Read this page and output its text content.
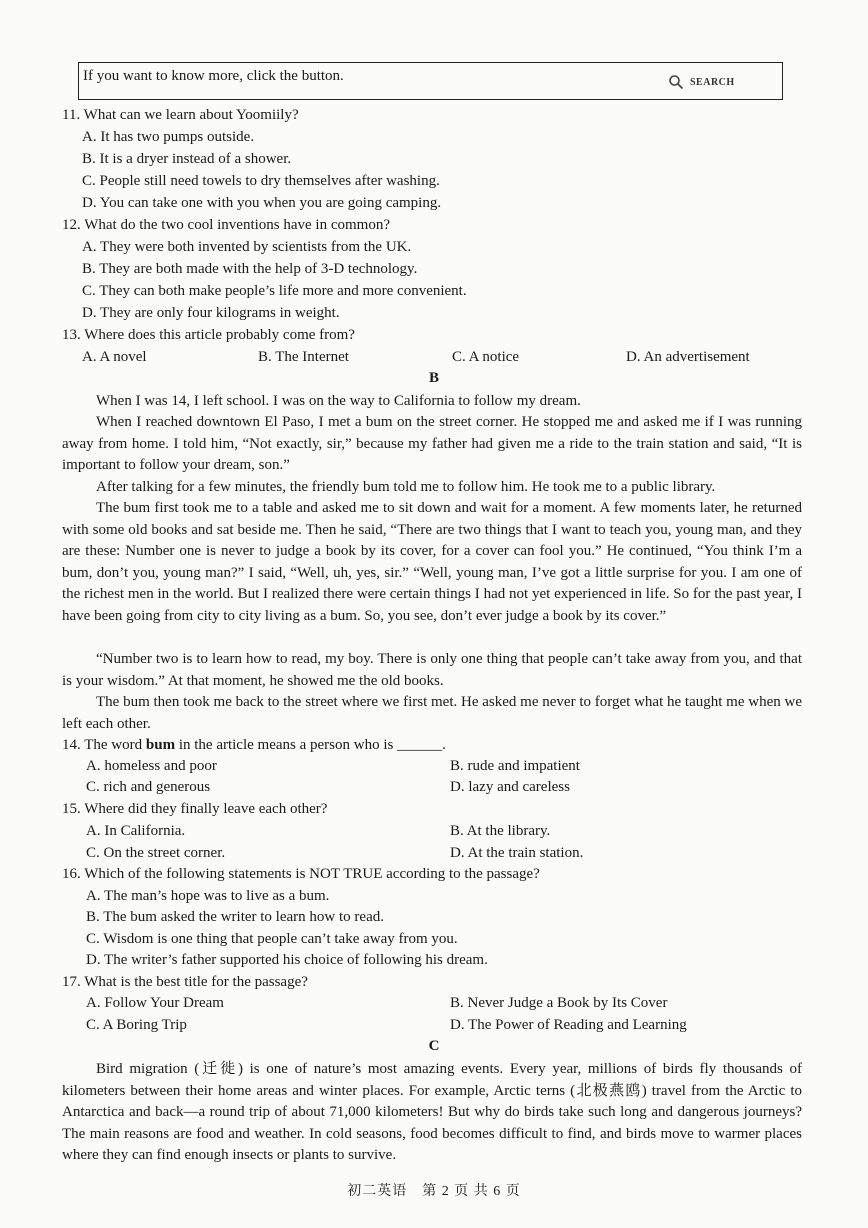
If you want to know more, click the button.	SEARCH
11. What can we learn about Yoomiily?
A. It has two pumps outside.
B. It is a dryer instead of a shower.
C. People still need towels to dry themselves after washing.
D. You can take one with you when you are going camping.
12. What do the two cool inventions have in common?
A. They were both invented by scientists from the UK.
B. They are both made with the help of 3-D technology.
C. They can both make people’s life more and more convenient.
D. They are only four kilograms in weight.
13. Where does this article probably come from?
A. A novel	B. The Internet	C. A notice	D. An advertisement
B
When I was 14, I left school. I was on the way to California to follow my dream.
When I reached downtown El Paso, I met a bum on the street corner. He stopped me and asked me if I was running away from home. I told him, “Not exactly, sir,” because my father had given me a ride to the train station and said, “It is important to follow your dream, son.”
After talking for a few minutes, the friendly bum told me to follow him. He took me to a public library.
The bum first took me to a table and asked me to sit down and wait for a moment. A few moments later, he returned with some old books and sat beside me. Then he said, “There are two things that I want to teach you, young man, and they are these: Number one is never to judge a book by its cover, for a cover can fool you.” He continued, “You think I’m a bum, don’t you, young man?” I said, “Well, uh, yes, sir.” “Well, young man, I’ve got a little surprise for you. I am one of the richest men in the world. But I realized there were certain things I had not yet experienced in life. So for the past year, I have been going from city to city living as a bum. So, you see, don’t ever judge a book by its cover.”
“Number two is to learn how to read, my boy. There is only one thing that people can’t take away from you, and that is your wisdom.” At that moment, he showed me the old books.
The bum then took me back to the street where we first met. He asked me never to forget what he taught me when we left each other.
14. The word bum in the article means a person who is ______.
A. homeless and poor	B. rude and impatient
C. rich and generous	D. lazy and careless
15. Where did they finally leave each other?
A. In California.	B. At the library.
C. On the street corner.	D. At the train station.
16. Which of the following statements is NOT TRUE according to the passage?
A. The man’s hope was to live as a bum.
B. The bum asked the writer to learn how to read.
C. Wisdom is one thing that people can’t take away from you.
D. The writer’s father supported his choice of following his dream.
17. What is the best title for the passage?
A. Follow Your Dream	B. Never Judge a Book by Its Cover
C. A Boring Trip	D. The Power of Reading and Learning
C
Bird migration (迁徙) is one of nature’s most amazing events. Every year, millions of birds fly thousands of kilometers between their home areas and winter places. For example, Arctic terns (北极燕鸥) travel from the Arctic to Antarctica and back—a round trip of about 71,000 kilometers! But why do birds take such long and dangerous journeys? The main reasons are food and weather. In cold seasons, food becomes difficult to find, and birds move to warmer places where they can find enough insects or plants to survive.
初二英语　第 2 页 共 6 页
